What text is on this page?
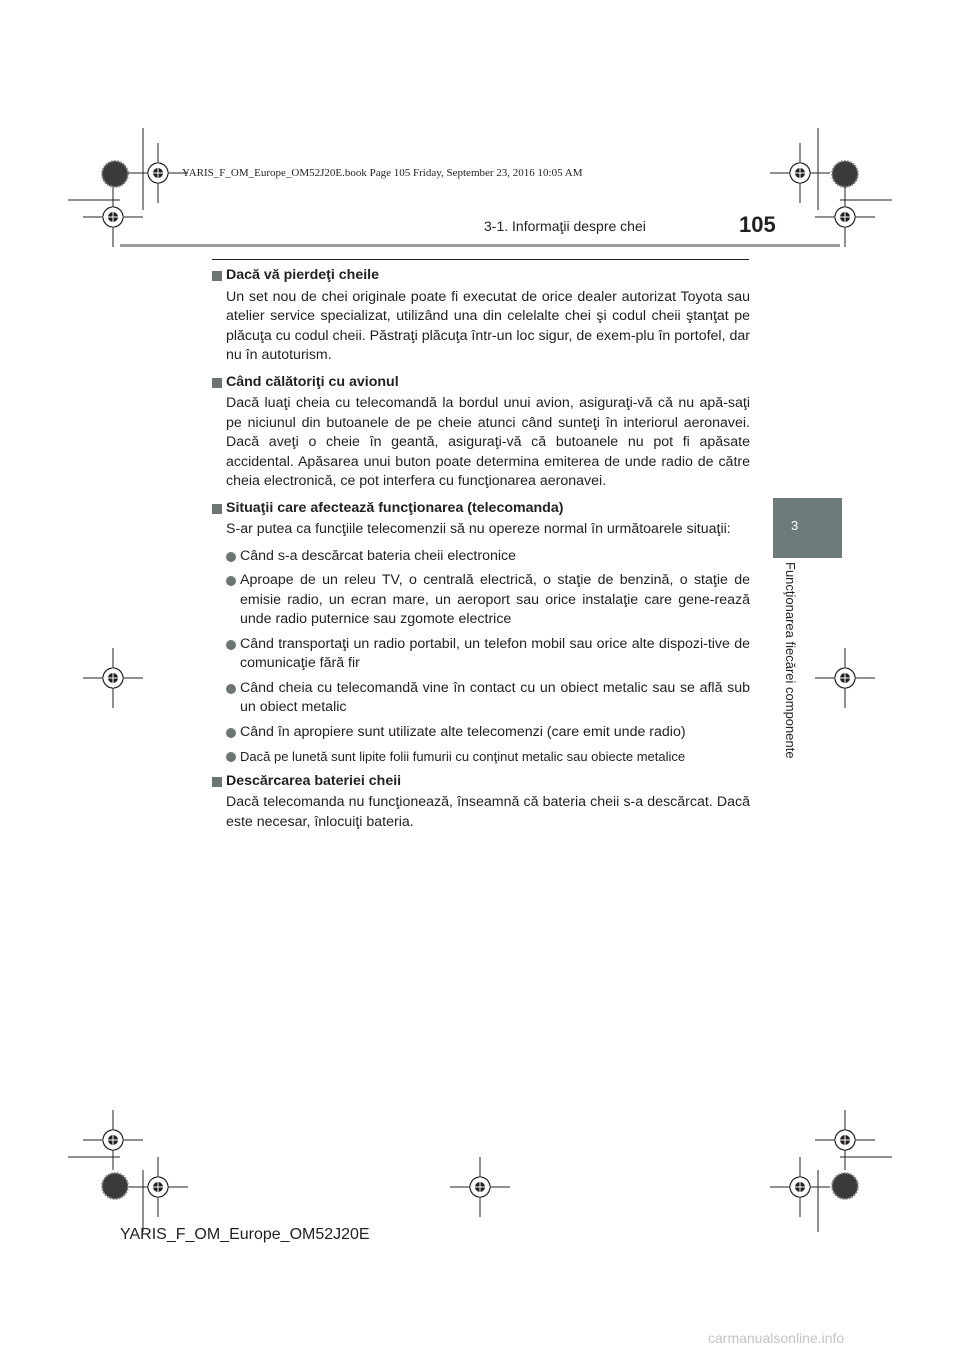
YARIS_F_OM_Europe_OM52J20E.book Page 105 Friday, September 23, 2016 10:05 AM
3-1. Informaţii despre chei	105
3
Funcţionarea fiecărei componente
Dacă vă pierdeţi cheile
Un set nou de chei originale poate fi executat de orice dealer autorizat Toyota sau atelier service specializat, utilizând una din celelalte chei şi codul cheii ştanţat pe plăcuţa cu codul cheii. Păstraţi plăcuţa într-un loc sigur, de exem-plu în portofel, dar nu în autoturism.
Când călătoriţi cu avionul
Dacă luaţi cheia cu telecomandă la bordul unui avion, asiguraţi-vă că nu apă-saţi pe niciunul din butoanele de pe cheie atunci când sunteţi în interiorul aeronavei. Dacă aveţi o cheie în geantă, asiguraţi-vă că butoanele nu pot fi apăsate accidental. Apăsarea unui buton poate determina emiterea de unde radio de către cheia electronică, ce pot interfera cu funcţionarea aeronavei.
Situaţii care afectează funcţionarea (telecomanda)
S-ar putea ca funcţiile telecomenzii să nu opereze normal în următoarele situaţii:
Când s-a descărcat bateria cheii electronice
Aproape de un releu TV, o centrală electrică, o staţie de benzină, o staţie de emisie radio, un ecran mare, un aeroport sau orice instalaţie care gene-rează unde radio puternice sau zgomote electrice
Când transportaţi un radio portabil, un telefon mobil sau orice alte dispozi-tive de comunicaţie fără fir
Când cheia cu telecomandă vine în contact cu un obiect metalic sau se află sub un obiect metalic
Când în apropiere sunt utilizate alte telecomenzi (care emit unde radio)
Dacă pe lunetă sunt lipite folii fumurii cu conţinut metalic sau obiecte metalice
Descărcarea bateriei cheii
Dacă telecomanda nu funcţionează, înseamnă că bateria cheii s-a descărcat. Dacă este necesar, înlocuiţi bateria.
YARIS_F_OM_Europe_OM52J20E
carmanualsonline.info
